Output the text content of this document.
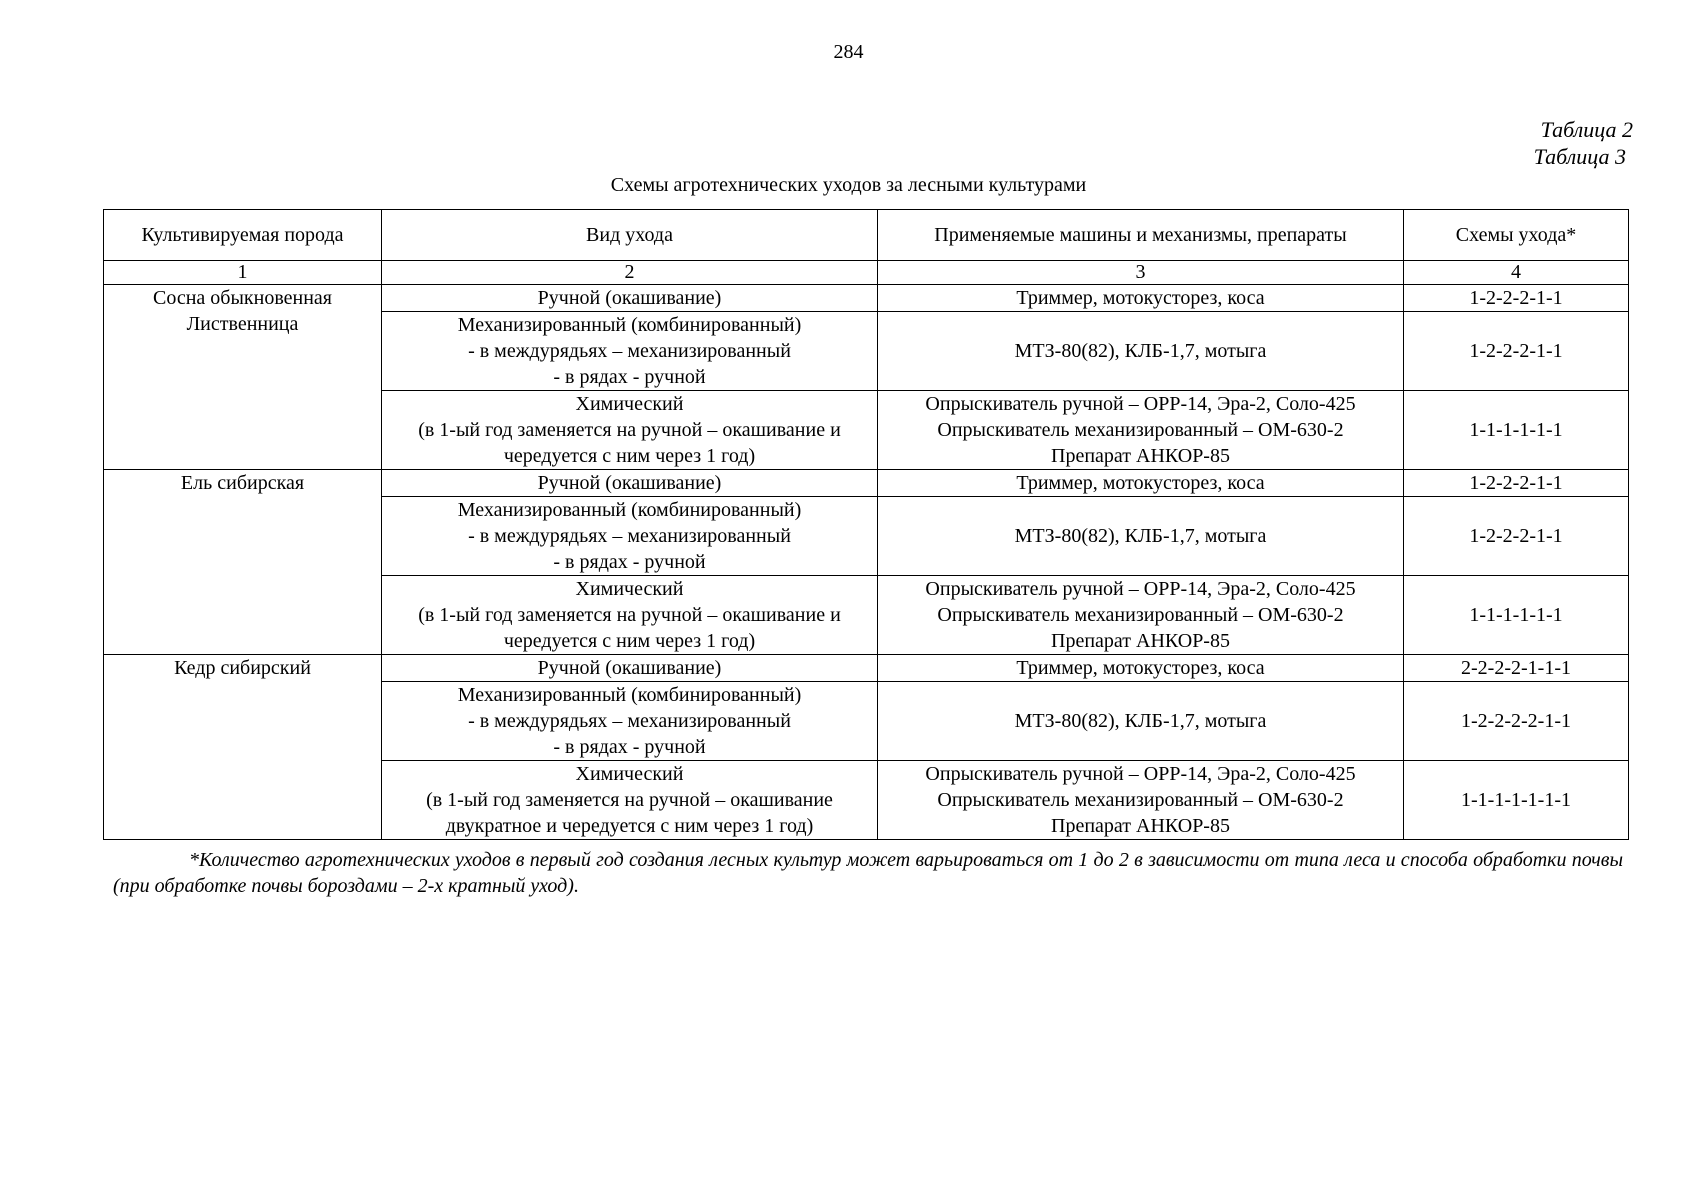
284
Таблица 2
Таблица 3
Схемы агротехнических уходов за лесными культурами
Культивируемая порода	Вид ухода	Применяемые машины и механизмы, препараты	Схемы ухода*
1	2	3	4

Сосна обыкновенная
Лиственница	Ручной (окашивание)	Триммер, мотокусторез, коса	1-2-2-2-1-1

	Механизированный (комбинированный)
- в междурядьях – механизированный
- в рядах - ручной	МТЗ-80(82), КЛБ-1,7, мотыга	1-2-2-2-1-1

	Химический
(в 1-ый год заменяется на ручной – окашивание и
чередуется с ним через 1 год)	Опрыскиватель ручной – ОРР-14, Эра-2, Соло-425
Опрыскиватель механизированный – ОМ-630-2
Препарат АНКОР-85	1-1-1-1-1-1

Ель сибирская	Ручной (окашивание)	Триммер, мотокусторез, коса	1-2-2-2-1-1

	Механизированный (комбинированный)
- в междурядьях – механизированный
- в рядах - ручной	МТЗ-80(82), КЛБ-1,7, мотыга	1-2-2-2-1-1

	Химический
(в 1-ый год заменяется на ручной – окашивание и
чередуется с ним через 1 год)	Опрыскиватель ручной – ОРР-14, Эра-2, Соло-425
Опрыскиватель механизированный – ОМ-630-2
Препарат АНКОР-85	1-1-1-1-1-1

Кедр сибирский	Ручной (окашивание)	Триммер, мотокусторез, коса	2-2-2-2-1-1-1

	Механизированный (комбинированный)
- в междурядьях – механизированный
- в рядах - ручной	МТЗ-80(82), КЛБ-1,7, мотыга	1-2-2-2-2-1-1

	Химический
(в 1-ый год заменяется на ручной – окашивание
двукратное и чередуется с ним через 1 год)	Опрыскиватель ручной – ОРР-14, Эра-2, Соло-425
Опрыскиватель механизированный – ОМ-630-2
Препарат АНКОР-85	1-1-1-1-1-1-1
*Количество агротехнических уходов в первый год создания лесных культур может варьироваться от 1 до 2 в зависимости от типа леса и способа обработки почвы (при обработке почвы бороздами – 2-х кратный уход).
